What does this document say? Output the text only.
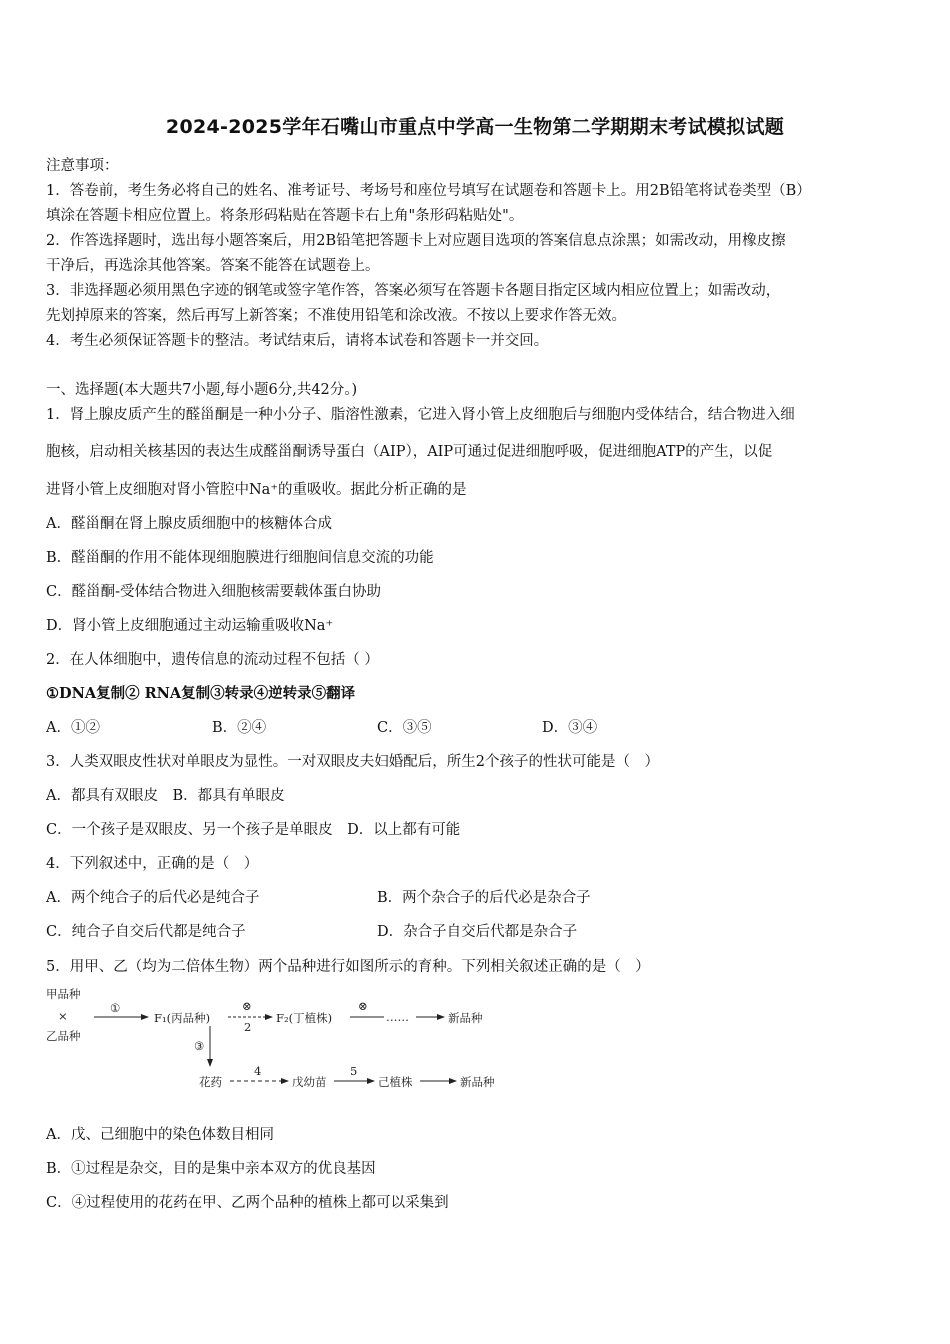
2024-2025学年石嘴山市重点中学高一生物第二学期期末考试模拟试题
注意事项：
1．答卷前，考生务必将自己的姓名、准考证号、考场号和座位号填写在试题卷和答题卡上。用2B铅笔将试卷类型（B）
填涂在答题卡相应位置上。将条形码粘贴在答题卡右上角"条形码粘贴处"。
2．作答选择题时，选出每小题答案后，用2B铅笔把答题卡上对应题目选项的答案信息点涂黑；如需改动，用橡皮擦
干净后，再选涂其他答案。答案不能答在试题卷上。
3．非选择题必须用黑色字迹的钢笔或签字笔作答，答案必须写在答题卡各题目指定区域内相应位置上；如需改动，
先划掉原来的答案，然后再写上新答案；不准使用铅笔和涂改液。不按以上要求作答无效。
4．考生必须保证答题卡的整洁。考试结束后，请将本试卷和答题卡一并交回。
一、选择题(本大题共7小题,每小题6分,共42分。)
1．肾上腺皮质产生的醛甾酮是一种小分子、脂溶性激素，它进入肾小管上皮细胞后与细胞内受体结合，结合物进入细
胞核，启动相关核基因的表达生成醛甾酮诱导蛋白（AIP），AIP可通过促进细胞呼吸，促进细胞ATP的产生，以促
进肾小管上皮细胞对肾小管腔中Na⁺的重吸收。据此分析正确的是
A．醛甾酮在肾上腺皮质细胞中的核糖体合成
B．醛甾酮的作用不能体现细胞膜进行细胞间信息交流的功能
C．醛甾酮-受体结合物进入细胞核需要载体蛋白协助
D．肾小管上皮细胞通过主动运输重吸收Na⁺
2．在人体细胞中，遗传信息的流动过程不包括（ ）
①DNA复制② RNA复制③转录④逆转录⑤翻译
A．①②	B．②④	C．③⑤	D．③④
3．人类双眼皮性状对单眼皮为显性。一对双眼皮夫妇婚配后，所生2个孩子的性状可能是（　）
A．都具有双眼皮　B．都具有单眼皮
C．一个孩子是双眼皮、另一个孩子是单眼皮　D．以上都有可能
4．下列叙述中，正确的是（　）
A．两个纯合子的后代必是纯合子	B．两个杂合子的后代必是杂合子
C．纯合子自交后代都是纯合子	D．杂合子自交后代都是杂合子
5．用甲、乙（均为二倍体生物）两个品种进行如图所示的育种。下列相关叙述正确的是（　）
甲品种
×
乙品种
①
F₁(丙品种)
⊗
2
F₂(丁植株)
⊗
……	新品种
③
花药
4
戊幼苗
5
己植株	新品种
A．戊、己细胞中的染色体数目相同
B．①过程是杂交，目的是集中亲本双方的优良基因
C．④过程使用的花药在甲、乙两个品种的植株上都可以采集到
